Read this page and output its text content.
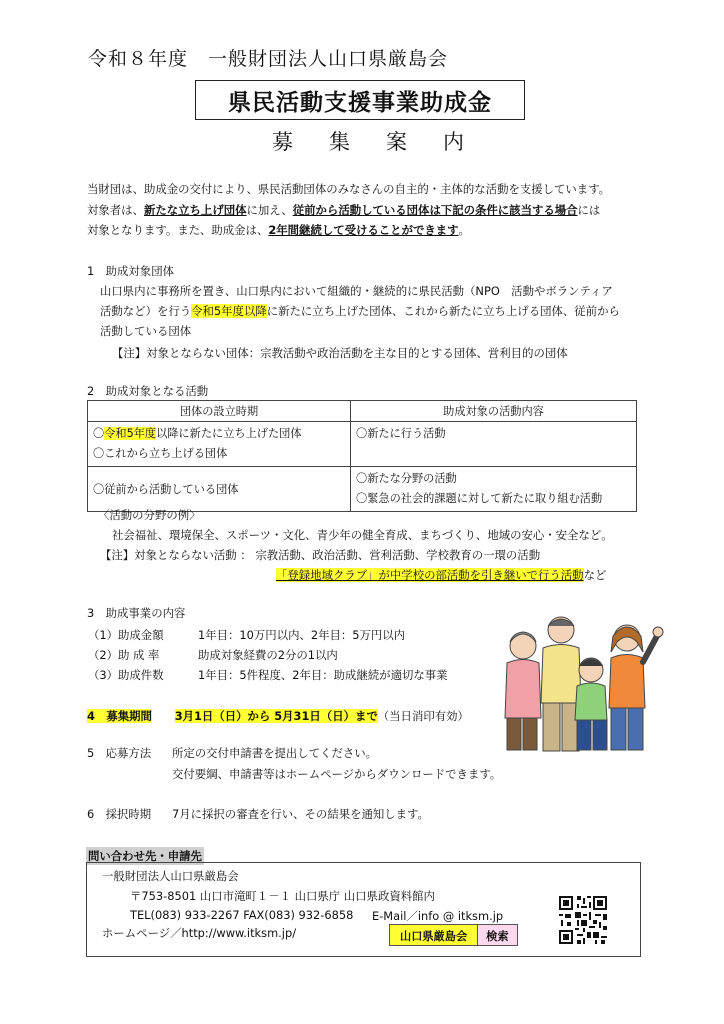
令和８年度　一般財団法人山口県厳島会
県民活動支援事業助成金
募集案内
当財団は、助成金の交付により、県民活動団体のみなさんの自主的・主体的な活動を支援しています。
対象者は、新たな立ち上げ団体に加え、従前から活動している団体は下記の条件に該当する場合には
対象となります。また、助成金は、2年間継続して受けることができます。
1　助成対象団体
山口県内に事務所を置き、山口県内において組織的・継続的に県民活動（NPO　活動やボランティア
活動など）を行う令和5年度以降に新たに立ち上げた団体、これから新たに立ち上げる団体、従前から
活動している団体
【注】対象とならない団体：宗教活動や政治活動を主な目的とする団体、営利目的の団体
2　助成対象となる活動
団体の設立時期	助成対象の活動内容

〇令和5年度以降に新たに立ち上げた団体
〇これから立ち上げる団体	〇新たに行う活動
〇従前から活動している団体	〇新たな分野の活動
〇緊急の社会的課題に対して新たに取り組む活動
〈活動の分野の例〉
社会福祉、環境保全、スポーツ・文化、青少年の健全育成、まちづくり、地域の安心・安全など。
【注】対象とならない活動 ： 宗教活動、政治活動、営利活動、学校教育の一環の活動
「登録地域クラブ」が中学校の部活動を引き継いで行う活動など
3　助成事業の内容
（1）助成金額	1年目：10万円以内、2年目：5万円以内
（2）助 成 率	助成対象経費の2分の1以内
（3）助成件数	1年目：5件程度、2年目：助成継続が適切な事業
4　募集期間　　 3月1日（日）から 5月31日（日）まで（当日消印有効）
5　応募方法 所定の交付申請書を提出してください。
交付要綱、申請書等はホームページからダウンロードできます。
6　採択時期 7月に採択の審査を行い、その結果を通知します。
問い合わせ先・申請先
一般財団法人山口県厳島会
〒753-8501 山口市滝町１－１ 山口県庁 山口県政資料館内
TEL(083) 933-2267 FAX(083) 932-6858 E-Mail／info @ itksm.jp
ホームページ／http://www.itksm.jp/	山口県厳島会	検索
